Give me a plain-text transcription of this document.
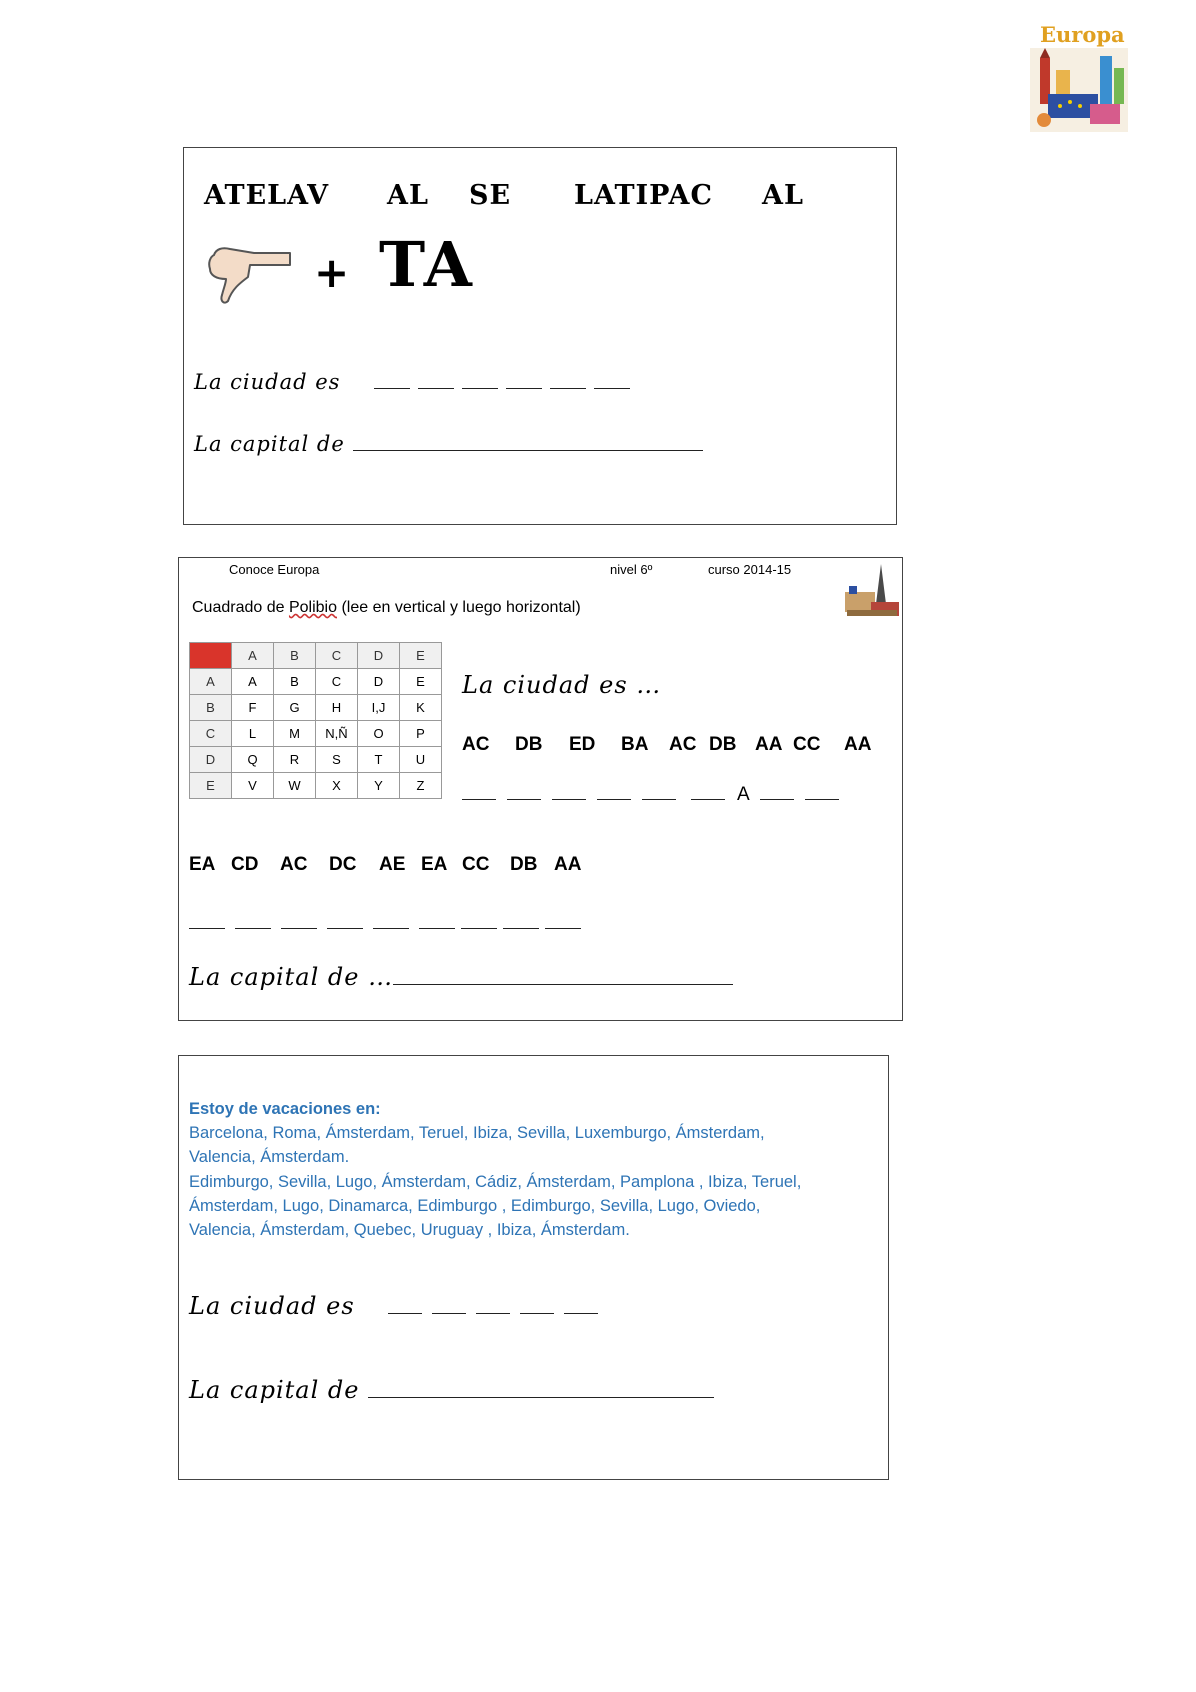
Europa
ATELAV AL SE LATIPAC AL
+ TA
La ciudad es
La capital de
Conoce Europa	nivel 6º	curso 2014-15
Cuadrado de Polibio (lee en vertical y luego horizontal)
	A	B	C	D	E
A	A	B	C	D	E
B	F	G	H	I,J	K
C	L	M	N,Ñ	O	P
D	Q	R	S	T	U
E	V	W	X	Y	Z
La ciudad es …
AC DB ED BA AC DB AA CC AA
A
EA CD AC DC AE EA CC DB AA
La capital de …
Estoy de vacaciones en:
Barcelona, Roma, Ámsterdam, Teruel, Ibiza, Sevilla, Luxemburgo, Ámsterdam,
Valencia, Ámsterdam.
Edimburgo, Sevilla, Lugo, Ámsterdam, Cádiz, Ámsterdam, Pamplona , Ibiza, Teruel,
Ámsterdam, Lugo, Dinamarca, Edimburgo , Edimburgo, Sevilla, Lugo, Oviedo,
Valencia, Ámsterdam, Quebec, Uruguay , Ibiza, Ámsterdam.
La ciudad es
La capital de
